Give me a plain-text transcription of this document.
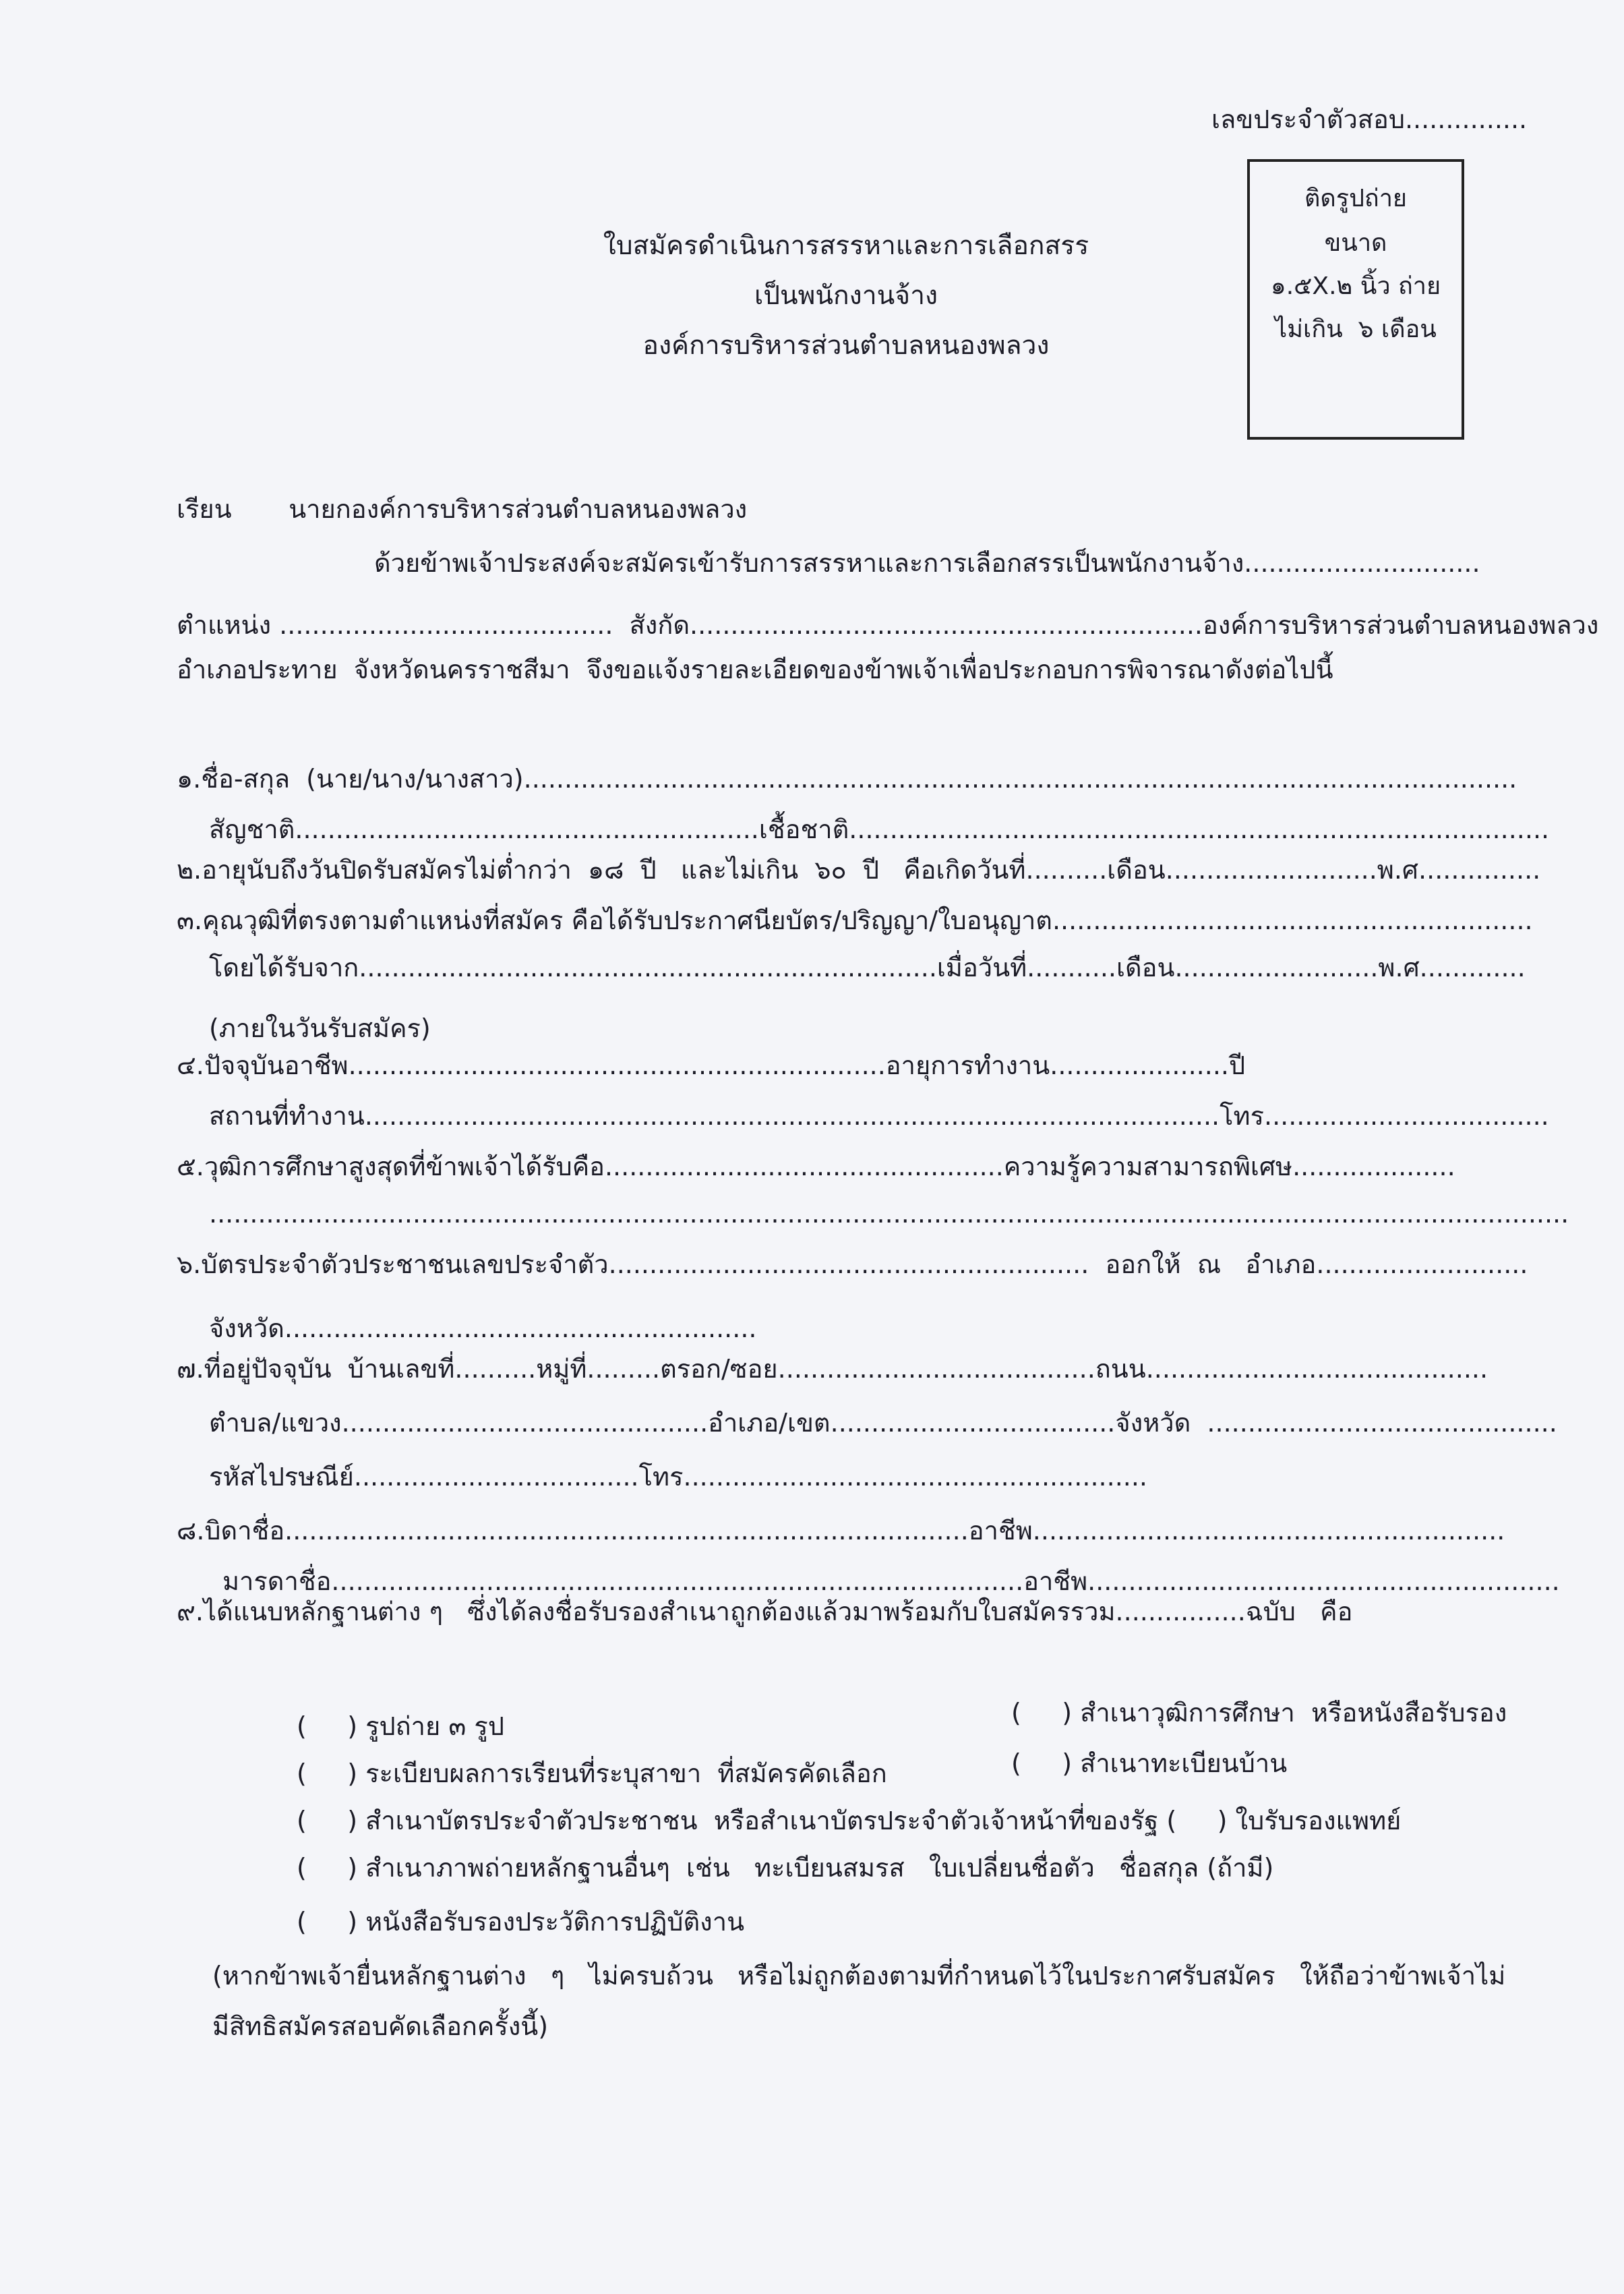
เลขประจำตัวสอบ...............
ติดรูปถ่าย
ขนาด
๑.๕X.๒ นิ้ว ถ่าย
ไม่เกิน  ๖ เดือน
ใบสมัครดำเนินการสรรหาและการเลือกสรร
เป็นพนักงานจ้าง
องค์การบริหารส่วนตำบลหนองพลวง
เรียน       นายกองค์การบริหารส่วนตำบลหนองพลวง
ด้วยข้าพเจ้าประสงค์จะสมัครเข้ารับการสรรหาและการเลือกสรรเป็นพนักงานจ้าง.............................
ตำแหน่ง .........................................  สังกัด...............................................................องค์การบริหารส่วนตำบลหนองพลวง
อำเภอประทาย  จังหวัดนครราชสีมา  จึงขอแจ้งรายละเอียดของข้าพเจ้าเพื่อประกอบการพิจารณาดังต่อไปนี้
๑.ชื่อ-สกุล  (นาย/นาง/นางสาว)..........................................................................................................................
สัญชาติ.........................................................เชื้อชาติ......................................................................................
๒.อายุนับถึงวันปิดรับสมัครไม่ต่ำกว่า  ๑๘  ปี   และไม่เกิน  ๖๐  ปี   คือเกิดวันที่..........เดือน..........................พ.ศ...............
๓.คุณวุฒิที่ตรงตามตำแหน่งที่สมัคร คือได้รับประกาศนียบัตร/ปริญญา/ใบอนุญาต...........................................................
โดยได้รับจาก.......................................................................เมื่อวันที่...........เดือน.........................พ.ศ.............
(ภายในวันรับสมัคร)
๔.ปัจจุบันอาชีพ..................................................................อายุการทำงาน......................ปี
สถานที่ทำงาน.........................................................................................................โทร...................................
๕.วุฒิการศึกษาสูงสุดที่ข้าพเจ้าได้รับคือ.................................................ความรู้ความสามารถพิเศษ....................
.......................................................................................................................................................................
๖.บัตรประจำตัวประชาชนเลขประจำตัว...........................................................  ออกให้  ณ   อำเภอ..........................
จังหวัด..........................................................
๗.ที่อยู่ปัจจุบัน  บ้านเลขที่..........หมู่ที่.........ตรอก/ซอย.......................................ถนน..........................................
ตำบล/แขวง.............................................อำเภอ/เขต...................................จังหวัด  ...........................................
รหัสไปรษณีย์...................................โทร.........................................................
๘.บิดาชื่อ....................................................................................อาชีพ..........................................................
มารดาชื่อ.....................................................................................อาชีพ..........................................................
๙.ได้แนบหลักฐานต่าง ๆ   ซึ่งได้ลงชื่อรับรองสำเนาถูกต้องแล้วมาพร้อมกับใบสมัครรวม................ฉบับ   คือ
(     ) รูปถ่าย ๓ รูป	(     ) สำเนาวุฒิการศึกษา  หรือหนังสือรับรอง
(     ) ระเบียบผลการเรียนที่ระบุสาขา  ที่สมัครคัดเลือก	(     ) สำเนาทะเบียนบ้าน
(     ) สำเนาบัตรประจำตัวประชาชน  หรือสำเนาบัตรประจำตัวเจ้าหน้าที่ของรัฐ (     ) ใบรับรองแพทย์
(     ) สำเนาภาพถ่ายหลักฐานอื่นๆ  เช่น   ทะเบียนสมรส   ใบเปลี่ยนชื่อตัว   ชื่อสกุล (ถ้ามี)
(     ) หนังสือรับรองประวัติการปฏิบัติงาน
(หากข้าพเจ้ายื่นหลักฐานต่าง   ๆ   ไม่ครบถ้วน   หรือไม่ถูกต้องตามที่กำหนดไว้ในประกาศรับสมัคร   ให้ถือว่าข้าพเจ้าไม่
มีสิทธิสมัครสอบคัดเลือกครั้งนี้)
